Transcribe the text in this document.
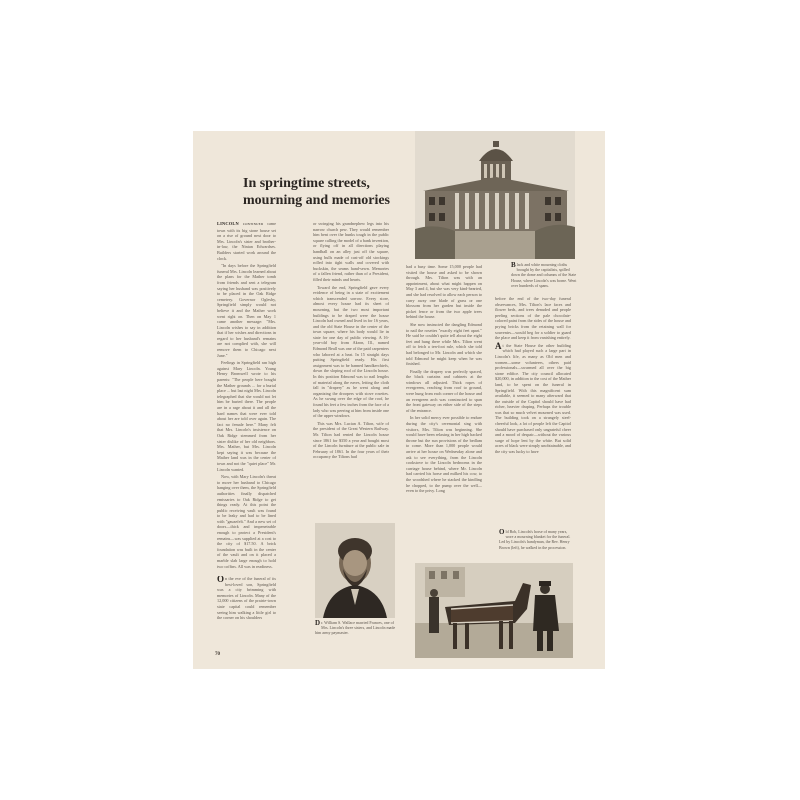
In springtime streets, mourning and memories

LINCOLN CONTINUED came town with its big stone house set on a rise of ground next door to Mrs. Lincoln's sister and brother-in-law, the Ninian Edwardses. Builders started work around the clock.

"In days before the Springfield funeral Mrs. Lincoln learned about the plans for the Mather tomb from friends and sent a telegram saying her husband was positively to be placed in the Oak Ridge cemetery. Governor Oglesby, Springfield simply would not believe it and the Mather work went right on. Then on May 1 came another message: "Mrs. Lincoln wishes to say in addition that if her wishes and directions in regard to her husband's remains are not complied with, she will remove them to Chicago next June."

Feelings in Springfield ran high against Mary Lincoln. Young Henry Bromwell wrote to his parents: "The people here bought the Mather grounds ... for a burial place ... but last night Mrs. Lincoln telegraphed that she would not let him be buried there. The people are in a rage about it and all the hard names that were ever told about her are told over again. The fact no female here." Many felt that Mrs. Lincoln's insistence on Oak Ridge stemmed from her sister dislike of her old neighbors. Mrs. Mather, but Mrs. Lincoln kept saying it was because the Mather land was in the center of town and not the "quiet place" Mr. Lincoln wanted.

Now, with Mary Lincoln's threat to move her husband to Chicago hanging over them, the Springfield authorities finally dispatched emissaries to Oak Ridge to get things ready. At this point the public receiving vault was found to be leaky and had to be lined with "gauzefelt." And a new set of doors—thick and impenetrable enough to protect a President's remains—was supplied at a cost to the city of $17.50. A brick foundation was built in the center of the vault and on it placed a marble slab large enough to hold two coffins. All was in readiness.

On the eve of the funeral of its best-loved son, Springfield was a city brimming with memories of Lincoln. Many of the 12,000 citizens of the prairie-town state capital could remember seeing him walking a little girl to the corner on his shoulders

or swinging his grandnephew legs into his narrow church pew. They would remember him bent over the hunks tough in the public square calling the model of a bank invention, or flying off in all directions playing handball on an alley just off the square, using bulls made of cast-off old stockings rolled into tight walls and covered with buckskin, the seams hand-sewn. Memories of a fallen friend, rather than of a President, filled their minds and hearts.

Toward the end, Springfield gave every evidence of being in a state of excitement which transcended sorrow. Every store, almost every house had its sheet of mourning, but the two most important buildings to be draped were the house Lincoln had owned and lived in for 16 years, and the old State House in the center of the town square, where his body would lie in state for one day of public viewing. A 16-year-old boy from Akron, Ill., named Edmond Beall was one of the paid carpenters who labored at a heat. In 15 straight days putting Springfield ready. His first assignment was to be banned handkerchiefs, down the sloping roof of the Lincoln house. In this position Edmond was to nail lengths of material along the eaves, letting the cloth fall in "drapery" as he went along and organizing the droopers with stove rosettes. As he swung over the edge of the roof, he found his feet a few inches from the face of a lady who was peering at him from inside one of the upper windows.

This was Mrs. Lucian A. Tilton, wife of the president of the Great Western Railway. Mr. Tilton had rented the Lincoln house since 1861 for $350 a year and bought most of the Lincoln furniture at the public sale in February of 1861. In the four years of their occupancy the Tiltons had

Dr. William S. Wallace married Frances, one of Mrs. Lincoln's three sisters, and Lincoln made him army paymaster.
Black and white mourning cloths brought by the capitalists, spilled down the dome and columns of the State House, where Lincoln's was borne. Went over hundreds of spans.

had a busy time. Some 15,000 people had visited the house and asked to be shown through. Mrs. Tilton was with an appointment, about what might happen on May 3 and 4, but she was very kind-hearted, and she had resolved to allow each person to carry away one blade of grass or one blossom from her garden but inside the picket fence or from the two apple trees behind the house.

She now instructed the dangling Edmond to nail the rosettes "exactly eight feet apart." He said he couldn't quite tell about the eight feet and hung there while Mrs. Tilton went off to fetch a ten-foot rule, which she told had belonged to Mr. Lincoln and which she told Edmond he might keep when he was finished.

Finally the drapery was perfectly spaced, the black curtains and cabinets at the windows all adjusted. Thick ropes of evergreens, reaching from roof to ground, were hung from each corner of the house and an evergreen arch was constructed to span the front gateway on either side of the steps of the entrance.

In her solid mercy ever possible to endure during the city's ceremonial sing with visitors, Mrs. Tilton was beginning. She would have been relaxing in her high backed throne but the sun provisions of the bedlam to come. More than 1,000 people would arrive at her house on Wednesday alone and ask to see everything, from the Lincoln cookstove to the Lincoln bedrooms in the carriage house behind, where Mr. Lincoln had carried his horse and milked his cow, to the woodshed where he stacked the kindling he chopped, to the pump over the well—even to the privy. Long

before the end of the two-day funeral observances, Mrs. Tilton's lace faces and flower beds, and trees denuded and people peeling sections of the pale chocolate-colored paint from the sides of the house and prying bricks from the retaining wall for souvenirs—would beg for a soldier to guard the place and keep it from vanishing entirely.

At the State House the other building which had played such a large part in Lincoln's life, as many as Old men and women—some volunteers, others paid professionals—swarmed all over the big stone edifice. The city council allocated $20,000, in addition to the cost of the Mather land, to be spent on the funeral in Springfield. With this magnificent sum available, it seemed to many afterward that the outside of the Capitol should have had richer, heavier draping. Perhaps the trouble was that so much velvet mourned was used. The building took on a strangely steel-cheerful look, a lot of people left the Capitol should have purchased only ungrateful cheer and a mood of despair—without the various surge of hope lent by the white. But solid acres of black were simply unobtainable, and the city was lucky to have

Old Bob, Lincoln's horse of many years, wore a mourning blanket for the funeral. Led by Lincoln's handyman, the Rev. Henry Brown (left), he walked in the procession.
70
